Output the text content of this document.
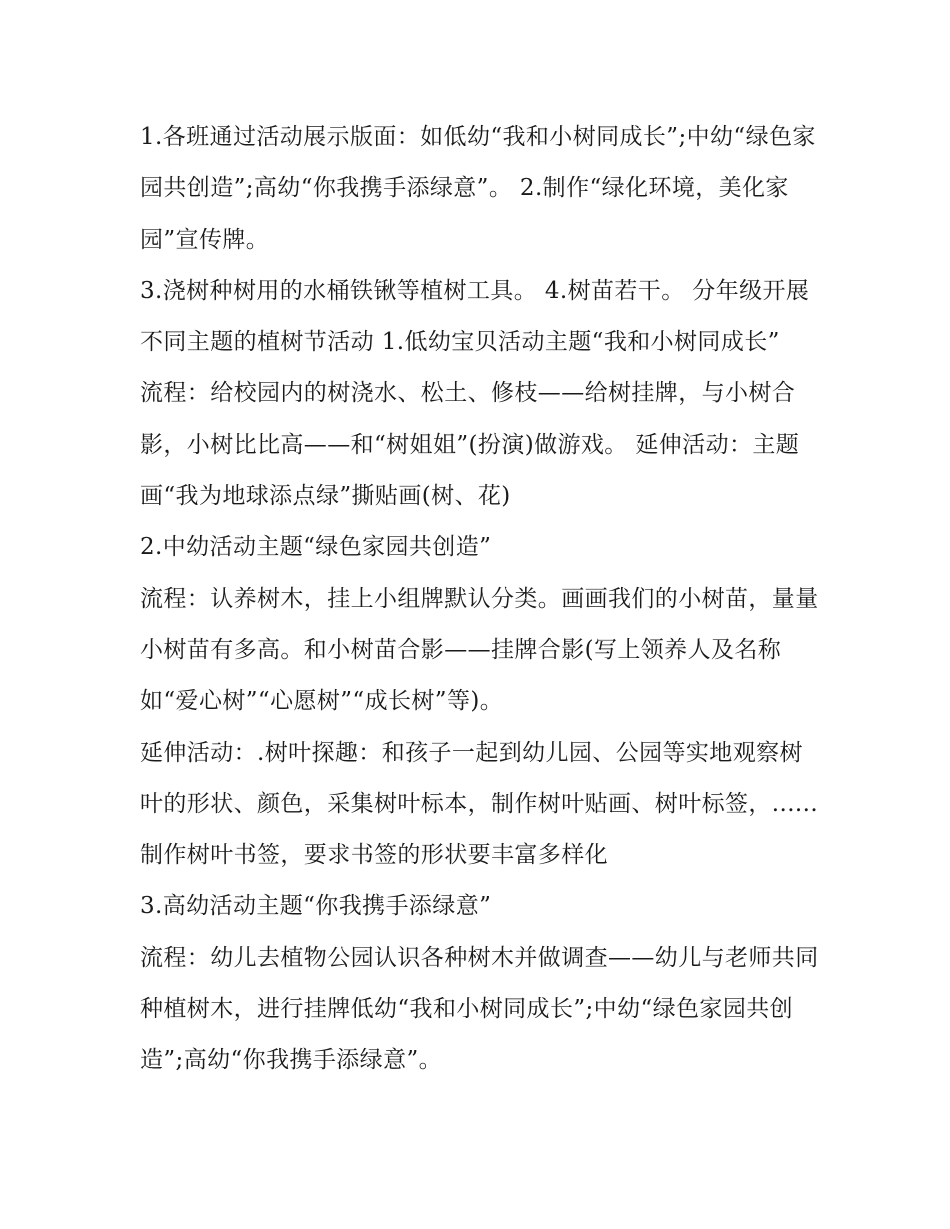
1.各班通过活动展示版面：如低幼“我和小树同成长”;中幼“绿色家园共创造”;高幼“你我携手添绿意”。 2.制作“绿化环境，美化家园”宣传牌。

3.浇树种树用的水桶铁锹等植树工具。 4.树苗若干。 分年级开展不同主题的植树节活动 1.低幼宝贝活动主题“我和小树同成长”

流程：给校园内的树浇水、松土、修枝——给树挂牌，与小树合影，小树比比高——和“树姐姐”(扮演)做游戏。 延伸活动：主题画“我为地球添点绿”撕贴画(树、花)

2.中幼活动主题“绿色家园共创造”

流程：认养树木，挂上小组牌默认分类。画画我们的小树苗，量量小树苗有多高。和小树苗合影——挂牌合影(写上领养人及名称如“爱心树”“心愿树”“成长树”等)。

延伸活动：.树叶探趣：和孩子一起到幼儿园、公园等实地观察树叶的形状、颜色，采集树叶标本，制作树叶贴画、树叶标签，......制作树叶书签，要求书签的形状要丰富多样化

3.高幼活动主题“你我携手添绿意”

流程：幼儿去植物公园认识各种树木并做调查——幼儿与老师共同种植树木，进行挂牌低幼“我和小树同成长”;中幼“绿色家园共创造”;高幼“你我携手添绿意”。
